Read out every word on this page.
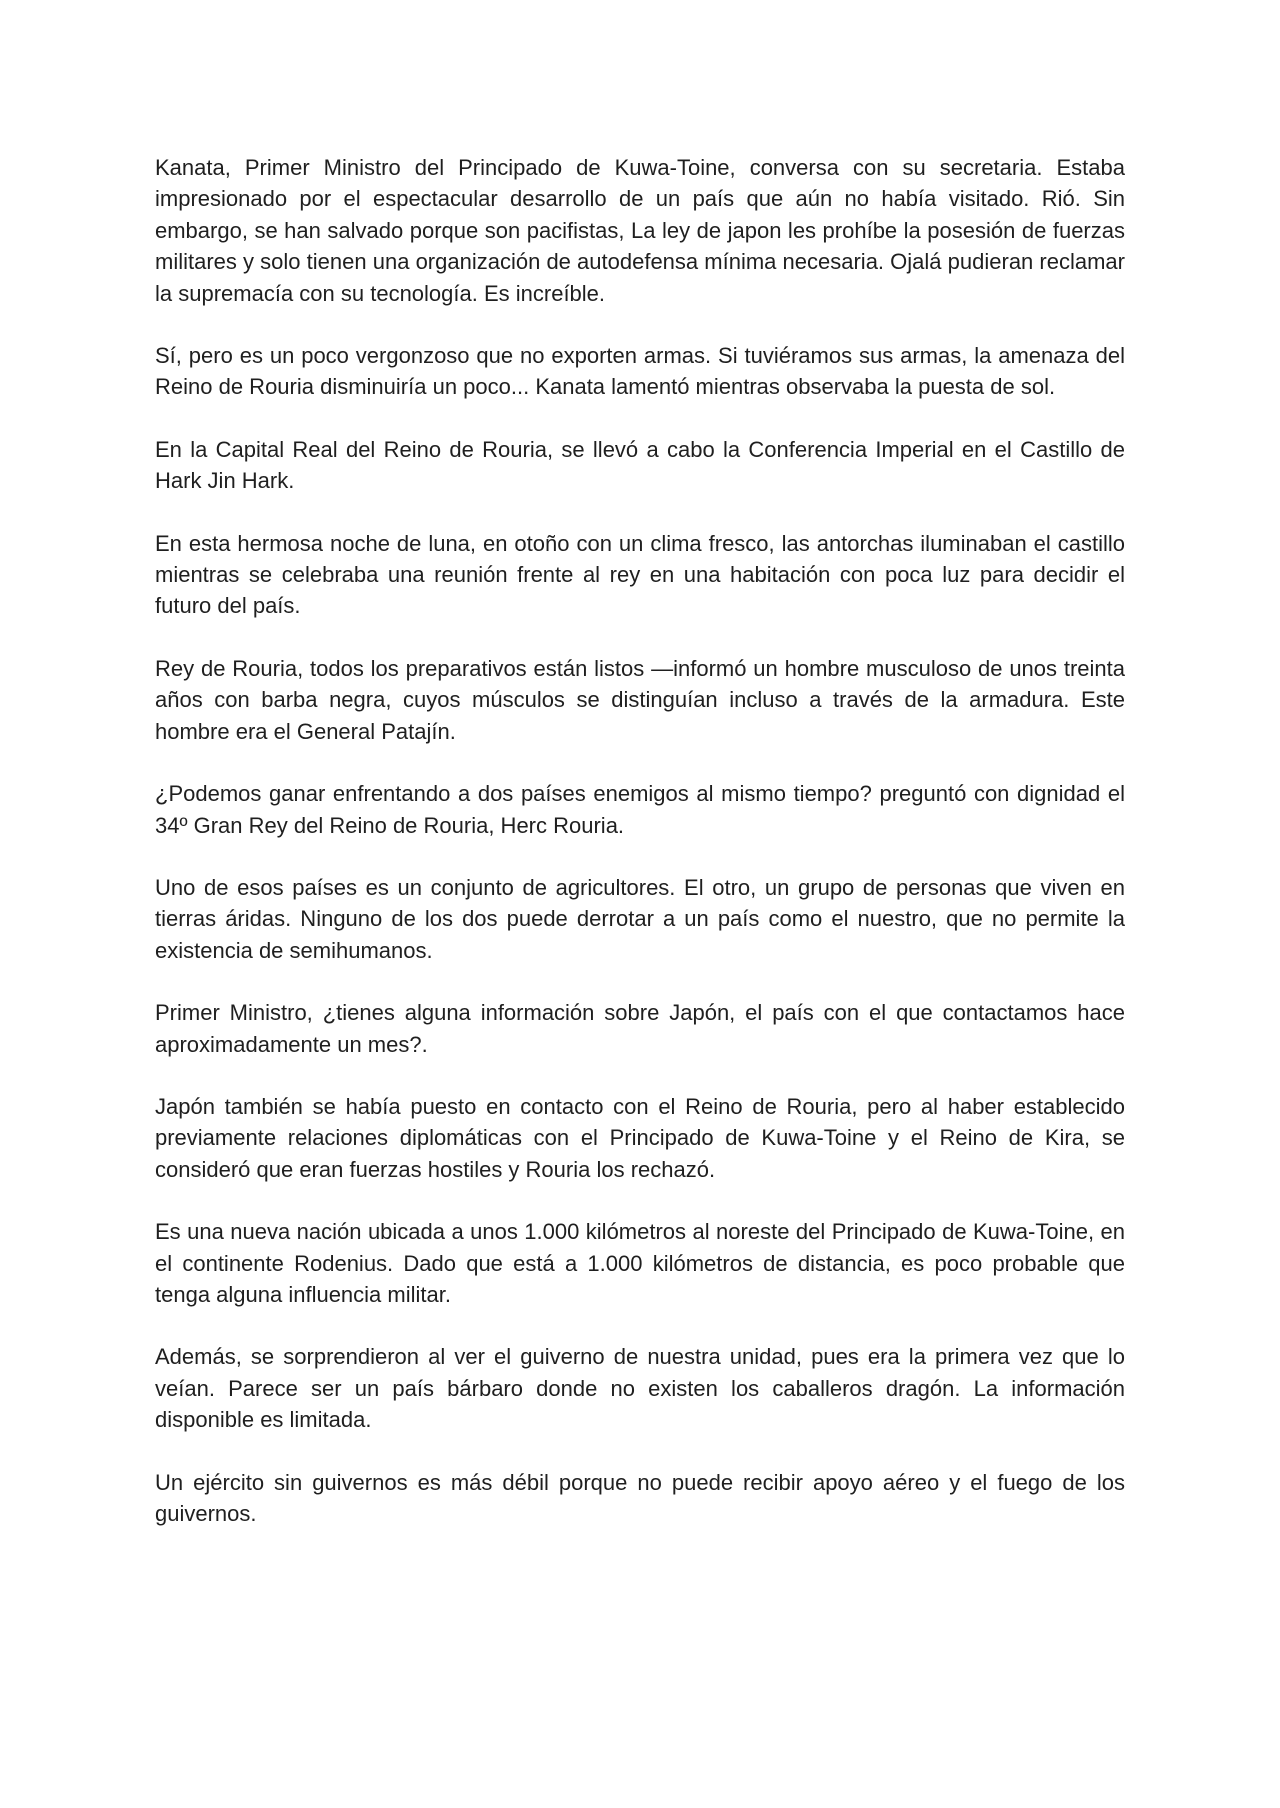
Kanata, Primer Ministro del Principado de Kuwa-Toine, conversa con su secretaria. Estaba impresionado por el espectacular desarrollo de un país que aún no había visitado. Rió. Sin embargo, se han salvado porque son pacifistas, La ley de japon les prohíbe la posesión de fuerzas militares y solo tienen una organización de autodefensa mínima necesaria. Ojalá pudieran reclamar la supremacía con su tecnología. Es increíble.

Sí, pero es un poco vergonzoso que no exporten armas. Si tuviéramos sus armas, la amenaza del Reino de Rouria disminuiría un poco... Kanata lamentó mientras observaba la puesta de sol.

En la Capital Real del Reino de Rouria, se llevó a cabo la Conferencia Imperial en el Castillo de Hark Jin Hark.

En esta hermosa noche de luna, en otoño con un clima fresco, las antorchas iluminaban el castillo mientras se celebraba una reunión frente al rey en una habitación con poca luz para decidir el futuro del país.

Rey de Rouria, todos los preparativos están listos —informó un hombre musculoso de unos treinta años con barba negra, cuyos músculos se distinguían incluso a través de la armadura. Este hombre era el General Patajín.

¿Podemos ganar enfrentando a dos países enemigos al mismo tiempo? preguntó con dignidad el 34º Gran Rey del Reino de Rouria, Herc Rouria.

Uno de esos países es un conjunto de agricultores. El otro, un grupo de personas que viven en tierras áridas. Ninguno de los dos puede derrotar a un país como el nuestro, que no permite la existencia de semihumanos.

Primer Ministro, ¿tienes alguna información sobre Japón, el país con el que contactamos hace aproximadamente un mes?.

Japón también se había puesto en contacto con el Reino de Rouria, pero al haber establecido previamente relaciones diplomáticas con el Principado de Kuwa-Toine y el Reino de Kira, se consideró que eran fuerzas hostiles y Rouria los rechazó.

Es una nueva nación ubicada a unos 1.000 kilómetros al noreste del Principado de Kuwa-Toine, en el continente Rodenius. Dado que está a 1.000 kilómetros de distancia, es poco probable que tenga alguna influencia militar.

Además, se sorprendieron al ver el guiverno de nuestra unidad, pues era la primera vez que lo veían. Parece ser un país bárbaro donde no existen los caballeros dragón. La información disponible es limitada.

Un ejército sin guivernos es más débil porque no puede recibir apoyo aéreo y el fuego de los guivernos.
